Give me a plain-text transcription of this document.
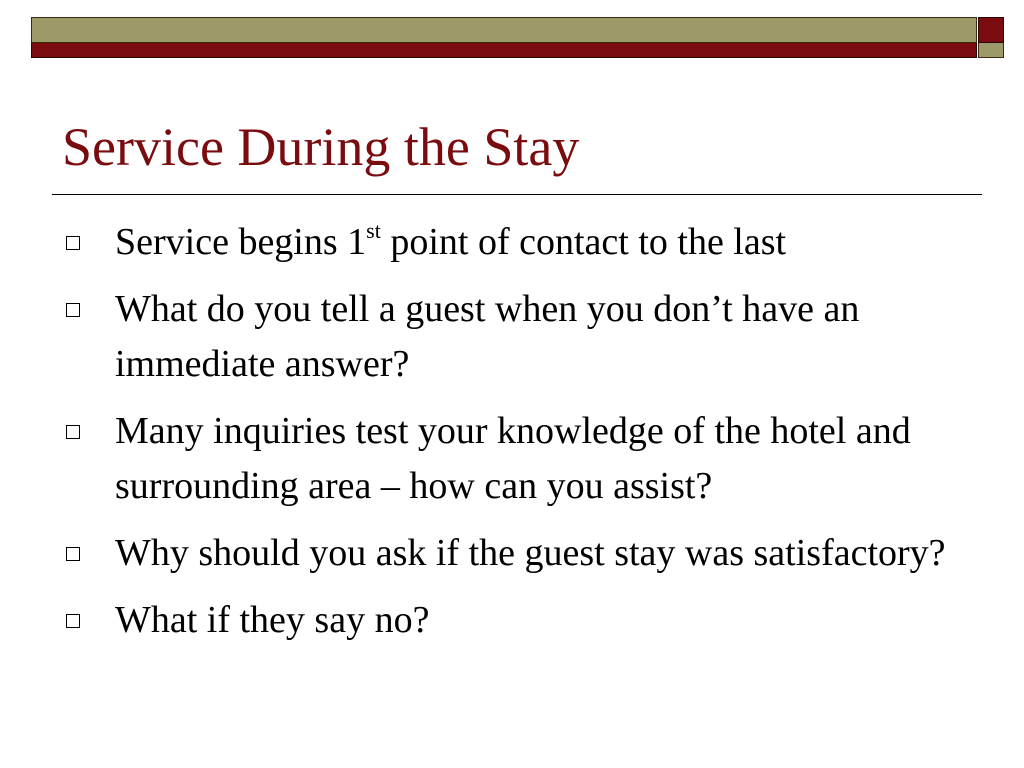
Service During the Stay
Service begins 1st point of contact to the last
What do you tell a guest when you don’t have an immediate answer?
Many inquiries test your knowledge of the hotel and surrounding area – how can you assist?
Why should you ask if the guest stay was satisfactory?
What if they say no?
